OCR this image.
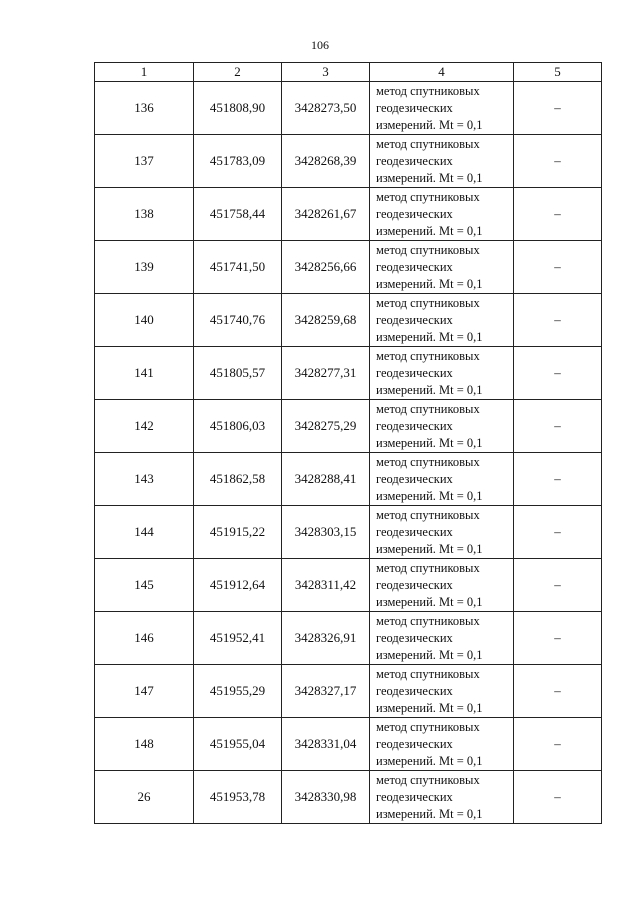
106
1	2	3	4	5
136	451808,90	3428273,50	метод спутниковых
геодезических
измерений. Mt = 0,1	–
137	451783,09	3428268,39	метод спутниковых
геодезических
измерений. Mt = 0,1	–
138	451758,44	3428261,67	метод спутниковых
геодезических
измерений. Mt = 0,1	–
139	451741,50	3428256,66	метод спутниковых
геодезических
измерений. Mt = 0,1	–
140	451740,76	3428259,68	метод спутниковых
геодезических
измерений. Mt = 0,1	–
141	451805,57	3428277,31	метод спутниковых
геодезических
измерений. Mt = 0,1	–
142	451806,03	3428275,29	метод спутниковых
геодезических
измерений. Mt = 0,1	–
143	451862,58	3428288,41	метод спутниковых
геодезических
измерений. Mt = 0,1	–
144	451915,22	3428303,15	метод спутниковых
геодезических
измерений. Mt = 0,1	–
145	451912,64	3428311,42	метод спутниковых
геодезических
измерений. Mt = 0,1	–
146	451952,41	3428326,91	метод спутниковых
геодезических
измерений. Mt = 0,1	–
147	451955,29	3428327,17	метод спутниковых
геодезических
измерений. Mt = 0,1	–
148	451955,04	3428331,04	метод спутниковых
геодезических
измерений. Mt = 0,1	–
26	451953,78	3428330,98	метод спутниковых
геодезических
измерений. Mt = 0,1	–
